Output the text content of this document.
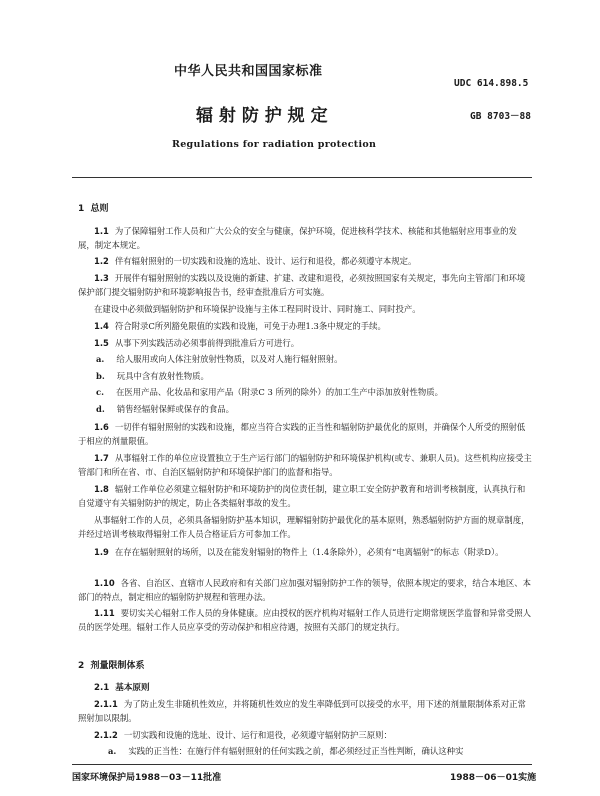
中华人民共和国国家标准
UDC 614.898.5
辐 射 防 护 规 定	GB 8703－88
Regulations for radiation protection
1 总则
1.1 为了保障辐射工作人员和广大公众的安全与健康，保护环境，促进核科学技术、核能和其他辐射应用事业的发展，制定本规定。
1.2 伴有辐射照射的一切实践和设施的选址、设计、运行和退役，都必须遵守本规定。
1.3 开展伴有辐射照射的实践以及设施的新建、扩建、改建和退役，必须按照国家有关规定，事先向主管部门和环境保护部门提交辐射防护和环境影响报告书，经审查批准后方可实施。
在建设中必须做到辐射防护和环境保护设施与主体工程同时设计、同时施工、同时投产。
1.4 符合附录C所列豁免限值的实践和设施，可免于办理1.3条中规定的手续。
1.5 从事下列实践活动必须事前得到批准后方可进行。
a. 给人服用或向人体注射放射性物质，以及对人施行辐射照射。
b. 玩具中含有放射性物质。
c. 在医用产品、化妆品和家用产品（附录C 3 所列的除外）的加工生产中添加放射性物质。
d. 销售经辐射保鲜或保存的食品。
1.6 一切伴有辐射照射的实践和设施，都应当符合实践的正当性和辐射防护最优化的原则，并确保个人所受的照射低于相应的剂量限值。
1.7 从事辐射工作的单位应设置独立于生产运行部门的辐射防护和环境保护机构(或专、兼职人员)。这些机构应接受主管部门和所在省、市、自治区辐射防护和环境保护部门的监督和指导。
1.8 辐射工作单位必须建立辐射防护和环境防护的岗位责任制，建立职工安全防护教育和培训考核制度，认真执行和自觉遵守有关辐射防护的规定，防止各类辐射事故的发生。
从事辐射工作的人员，必须具备辐射防护基本知识，理解辐射防护最优化的基本原则，熟悉辐射防护方面的规章制度，并经过培训考核取得辐射工作人员合格证后方可参加工作。
1.9 在存在辐射照射的场所，以及在能发射辐射的物件上（1.4条除外），必须有“电离辐射”的标志（附录D）。
1.10 各省、自治区、直辖市人民政府和有关部门应加强对辐射防护工作的领导，依照本规定的要求，结合本地区、本部门的特点，制定相应的辐射防护规程和管理办法。
1.11 要切实关心辐射工作人员的身体健康。应由授权的医疗机构对辐射工作人员进行定期常规医学监督和异常受照人员的医学处理。辐射工作人员应享受的劳动保护和相应待遇，按照有关部门的规定执行。
2 剂量限制体系
2.1 基本原则
2.1.1 为了防止发生非随机性效应，并将随机性效应的发生率降低到可以接受的水平，用下述的剂量限制体系对正常照射加以限制。
2.1.2 一切实践和设施的选址、设计、运行和退役，必须遵守辐射防护三原则：
a. 实践的正当性：在施行伴有辐射照射的任何实践之前，都必须经过正当性判断，确认这种实
国家环境保护局1988－03－11批准	1988－06－01实施
